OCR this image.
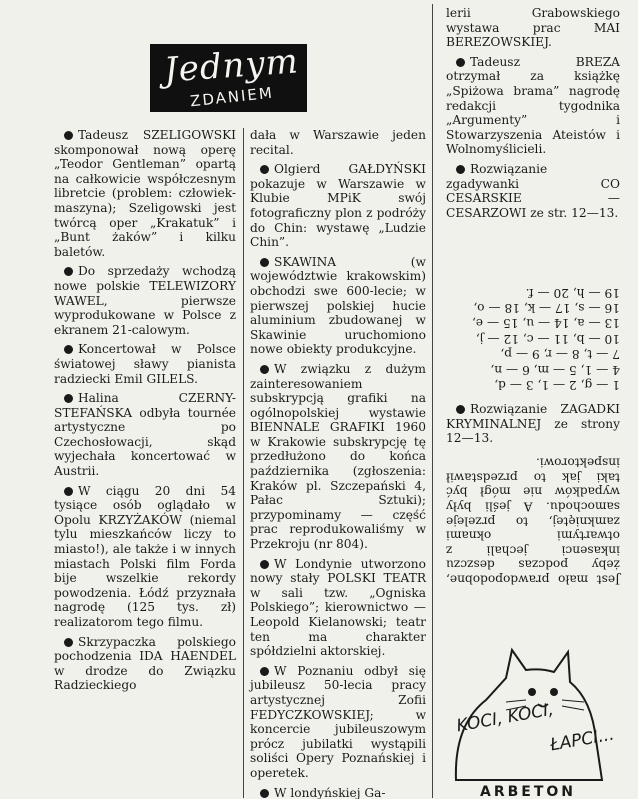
Jednym
ZDANIEM

Tadeusz SZELIGOWSKI skomponował nową operę „Teodor Gentleman” opartą na całkowicie współczesnym libretcie (problem: człowiek-maszyna); Szeligowski jest twórcą oper „Krakatuk” i „Bunt żaków” i kilku baletów.

Do sprzedaży wchodzą nowe polskie TELEWIZORY WAWEL, pierwsze wyprodukowane w Polsce z ekranem 21-calowym.

Koncertował w Polsce światowej sławy pianista radziecki Emil GILELS.

Halina CZERNY-STEFAŃSKA odbyła tournée artystyczne po Czechosłowacji, skąd wyjechała koncertować w Austrii.

W ciągu 20 dni 54 tysiące osób oglądało w Opolu KRZYŻAKÓW (niemal tylu mieszkańców liczy to miasto!), ale także i w innych miastach Polski film Forda bije wszelkie rekordy powodzenia. Łódź przyznała nagrodę (125 tys. zł) realizatorom tego filmu.

Skrzypaczka polskiego pochodzenia IDA HAENDEL w drodze do Związku Radzieckiego

dała w Warszawie jeden recital.

Olgierd GAŁDYŃSKI pokazuje w Warszawie w Klubie MPiK swój fotograficzny plon z podróży do Chin: wystawę „Ludzie Chin”.

SKAWINA (w województwie krakowskim) obchodzi swe 600-lecie; w pierwszej polskiej hucie aluminium zbudowanej w Skawinie uruchomiono nowe obiekty produkcyjne.

W związku z dużym zainteresowaniem subskrypcją grafiki na ogólnopolskiej wystawie BIENNALE GRAFIKI 1960 w Krakowie subskrypcję tę przedłużono do końca października (zgłoszenia: Kraków pl. Szczepański 4, Pałac Sztuki); przypominamy — część prac reprodukowaliśmy w Przekroju (nr 804).

W Londynie utworzono nowy stały POLSKI TEATR w sali tzw. „Ogniska Polskiego”; kierownictwo — Leopold Kielanowski; teatr ten ma charakter spółdzielni aktorskiej.

W Poznaniu odbył się jubileusz 50-lecia pracy artystycznej Zofii FEDYCZKOWSKIEJ; w koncercie jubileuszowym prócz jubilatki wystąpili soliści Opery Poznańskiej i operetek.

W londyńskiej Ga-

lerii Grabowskiego wystawa prac MAI BEREZOWSKIEJ.

Tadeusz BREZA otrzymał za książkę „Spiżowa brama” nagrodę redakcji tygodnika „Argumenty” i Stowarzyszenia Ateistów i Wolnomyślicieli.

Rozwiązanie zgadywanki CO CESARSKIE — CESARZOWI ze str. 12—13.

1 — g, 2 — 1, 3 — d,
4 — 1, 5 — m, 6 — n,
7 — t, 8 — r, 9 — p,
10 — b, 11 — c, 12 — j,
13 — a, 14 — u, 15 — e,
16 — s, 17 — k, 18 — o,
19 — h, 20 — f.

Rozwiązanie ZAGADKI KRYMINALNEJ ze strony 12—13.

Jest mało prawdopodobne, żeby podczas deszczu inkasenci jechali z otwartymi oknami zamkniętej, to przeleje samochodu. A jeśli były wypadków nie mógł być taki jak to przedstawił inspektorowi.

KOCI, KOCI,
ŁAPCI...
ARBETON
